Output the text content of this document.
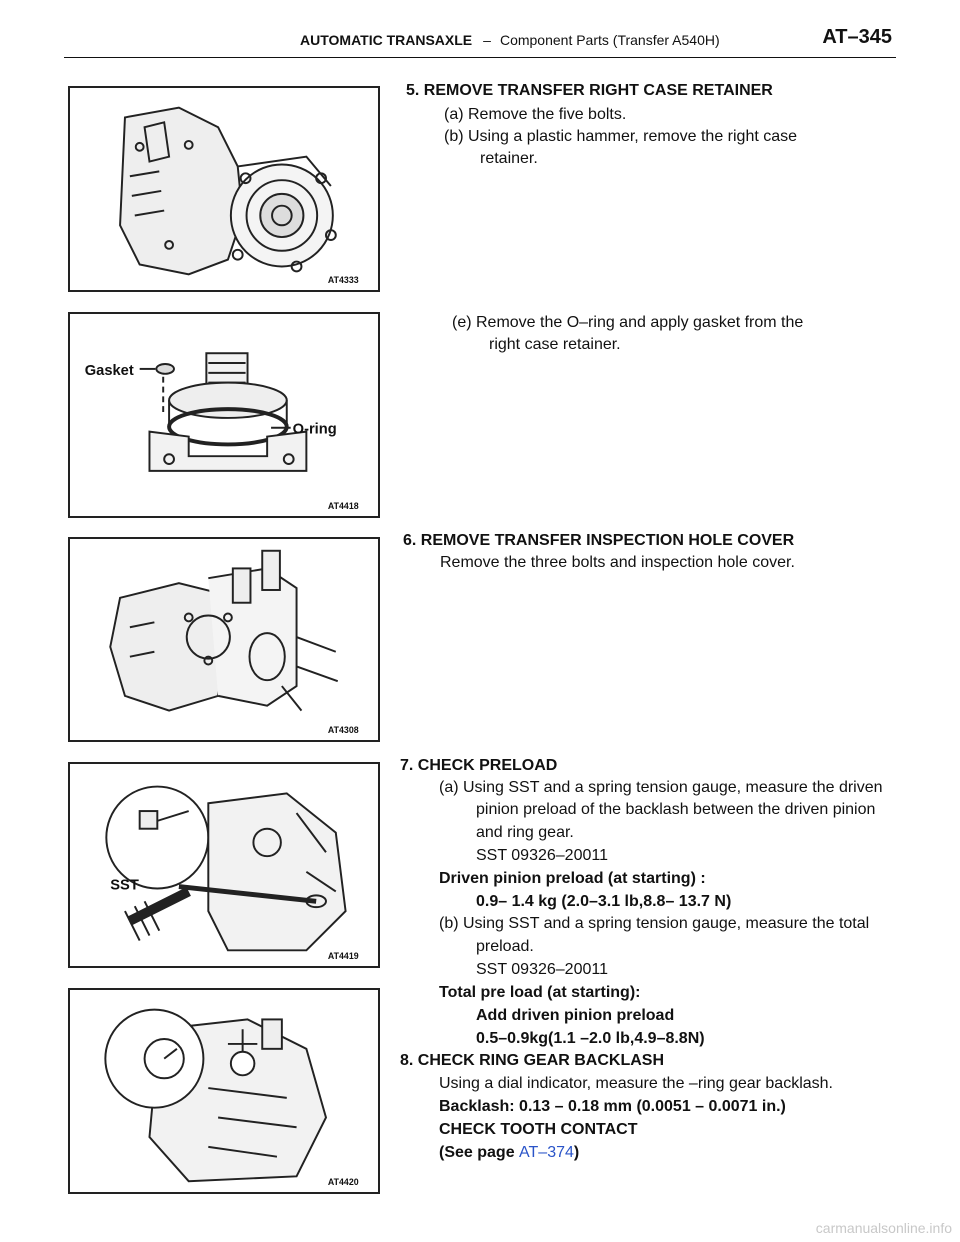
AUTOMATIC TRANSAXLE – Component Parts (Transfer A540H)	AT–345
AT4333
Gasket
O-ring
AT4418
AT4308
SST
AT4419
AT4420
5. REMOVE TRANSFER RIGHT CASE RETAINER
(a) Remove the five bolts.
(b) Using a plastic hammer, remove the right case
retainer.
(e) Remove the O–ring and apply gasket from the
right case retainer.
6. REMOVE TRANSFER INSPECTION HOLE COVER
Remove the three bolts and inspection hole cover.
7. CHECK PRELOAD
(a) Using SST and a spring tension gauge, measure the driven
pinion preload of the backlash between the driven pinion
and ring gear.
SST 09326–20011
Driven pinion preload (at starting) :
0.9– 1.4 kg (2.0–3.1 lb,8.8– 13.7 N)
(b) Using SST and a spring tension gauge, measure the total
preload.
SST 09326–20011
Total pre load (at starting):
Add driven pinion preload
0.5–0.9kg(1.1 –2.0 lb,4.9–8.8N)
8. CHECK RING GEAR BACKLASH
Using a dial indicator, measure the –ring gear backlash.
Backlash: 0.13 – 0.18 mm (0.0051 – 0.0071 in.)
CHECK TOOTH CONTACT
(See page AT–374)
carmanualsonline.info
